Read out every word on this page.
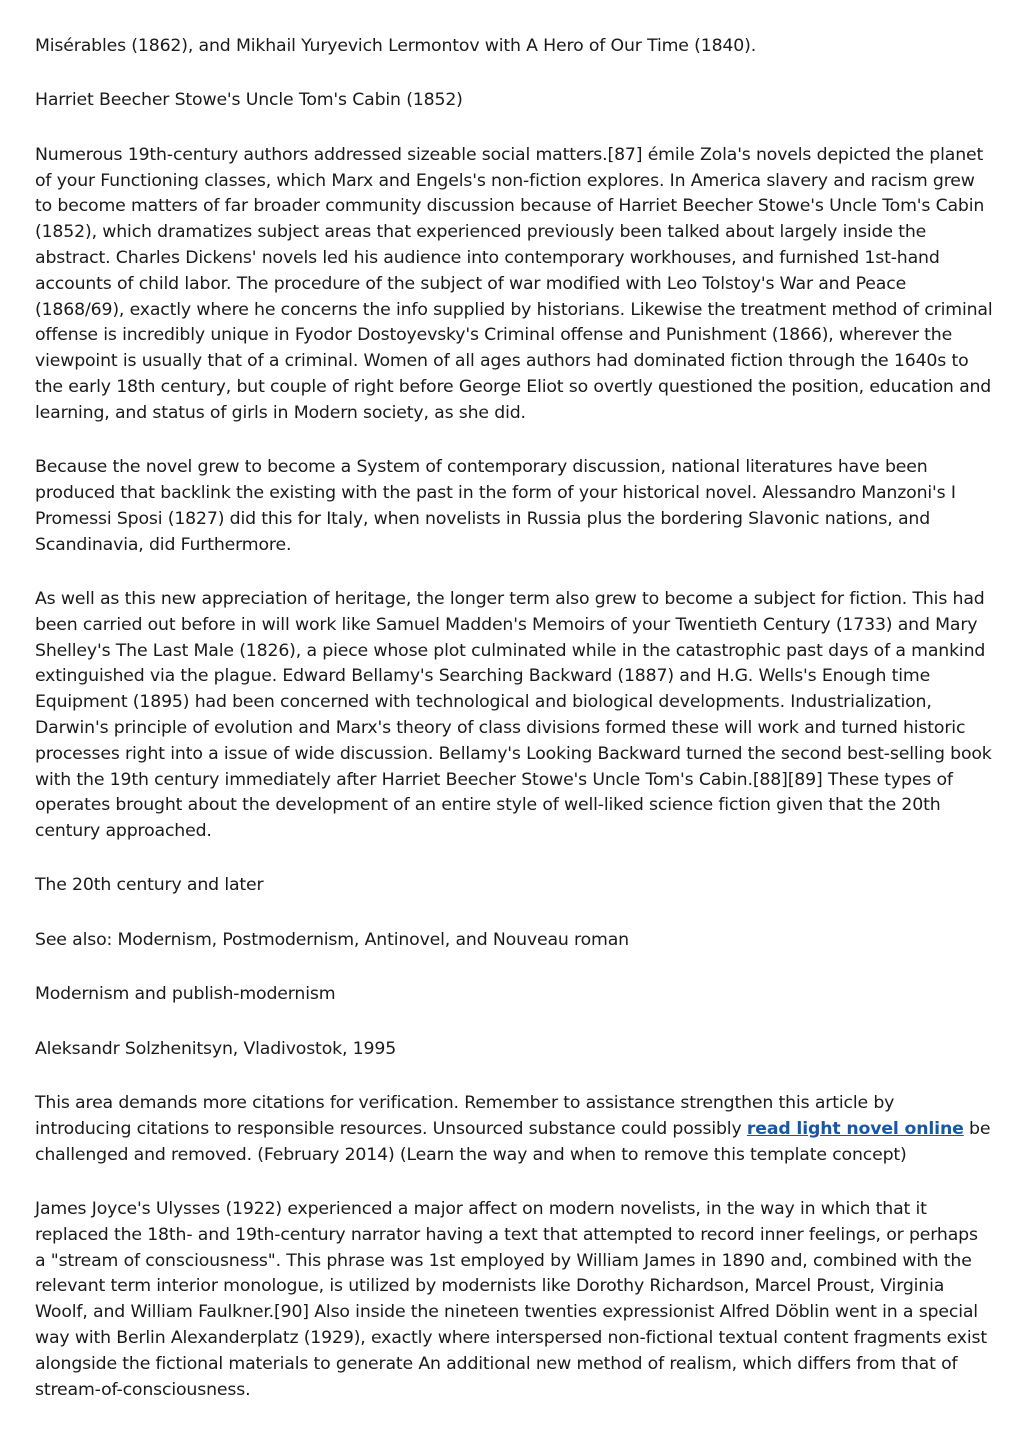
Misérables (1862), and Mikhail Yuryevich Lermontov with A Hero of Our Time (1840).

Harriet Beecher Stowe's Uncle Tom's Cabin (1852)

Numerous 19th-century authors addressed sizeable social matters.[87] émile Zola's novels depicted the planet of your Functioning classes, which Marx and Engels's non-fiction explores. In America slavery and racism grew to become matters of far broader community discussion because of Harriet Beecher Stowe's Uncle Tom's Cabin (1852), which dramatizes subject areas that experienced previously been talked about largely inside the abstract. Charles Dickens' novels led his audience into contemporary workhouses, and furnished 1st-hand accounts of child labor. The procedure of the subject of war modified with Leo Tolstoy's War and Peace (1868/69), exactly where he concerns the info supplied by historians. Likewise the treatment method of criminal offense is incredibly unique in Fyodor Dostoyevsky's Criminal offense and Punishment (1866), wherever the viewpoint is usually that of a criminal. Women of all ages authors had dominated fiction through the 1640s to the early 18th century, but couple of right before George Eliot so overtly questioned the position, education and learning, and status of girls in Modern society, as she did.

Because the novel grew to become a System of contemporary discussion, national literatures have been produced that backlink the existing with the past in the form of your historical novel. Alessandro Manzoni's I Promessi Sposi (1827) did this for Italy, when novelists in Russia plus the bordering Slavonic nations, and Scandinavia, did Furthermore.

As well as this new appreciation of heritage, the longer term also grew to become a subject for fiction. This had been carried out before in will work like Samuel Madden's Memoirs of your Twentieth Century (1733) and Mary Shelley's The Last Male (1826), a piece whose plot culminated while in the catastrophic past days of a mankind extinguished via the plague. Edward Bellamy's Searching Backward (1887) and H.G. Wells's Enough time Equipment (1895) had been concerned with technological and biological developments. Industrialization, Darwin's principle of evolution and Marx's theory of class divisions formed these will work and turned historic processes right into a issue of wide discussion. Bellamy's Looking Backward turned the second best-selling book with the 19th century immediately after Harriet Beecher Stowe's Uncle Tom's Cabin.[88][89] These types of operates brought about the development of an entire style of well-liked science fiction given that the 20th century approached.

The 20th century and later

See also: Modernism, Postmodernism, Antinovel, and Nouveau roman

Modernism and publish-modernism

Aleksandr Solzhenitsyn, Vladivostok, 1995

This area demands more citations for verification. Remember to assistance strengthen this article by introducing citations to responsible resources. Unsourced substance could possibly read light novel online be challenged and removed. (February 2014) (Learn the way and when to remove this template concept)

James Joyce's Ulysses (1922) experienced a major affect on modern novelists, in the way in which that it replaced the 18th- and 19th-century narrator having a text that attempted to record inner feelings, or perhaps a "stream of consciousness". This phrase was 1st employed by William James in 1890 and, combined with the relevant term interior monologue, is utilized by modernists like Dorothy Richardson, Marcel Proust, Virginia Woolf, and William Faulkner.[90] Also inside the nineteen twenties expressionist Alfred Döblin went in a special way with Berlin Alexanderplatz (1929), exactly where interspersed non-fictional textual content fragments exist alongside the fictional materials to generate An additional new method of realism, which differs from that of stream-of-consciousness.
